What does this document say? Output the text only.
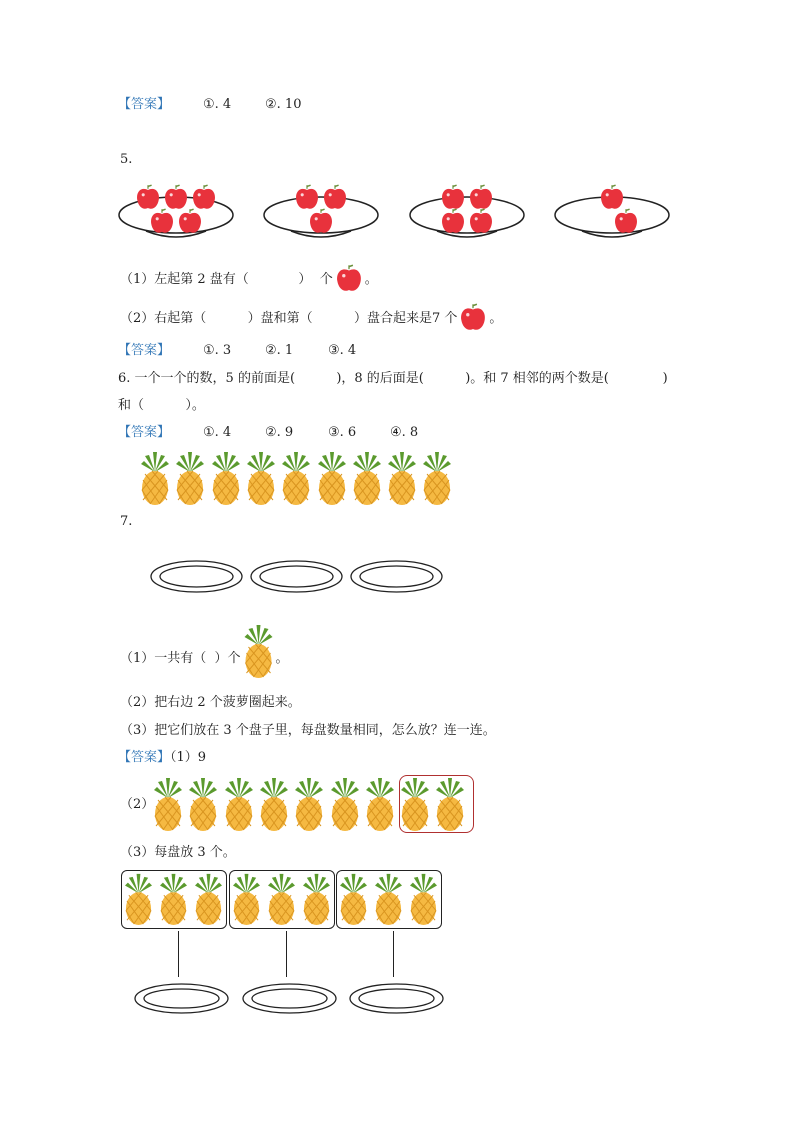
【答案】	①. 4	②. 10
5.
（1）左起第 2 盘有（	） 个 。
（2）右起第（	）盘和第（	）盘合起来是7 个 。
【答案】	①. 3	②. 1	③. 4
6. 一个一个的数，5 的前面是(          )，8 的后面是(          )。和 7 相邻的两个数是(             )
和（          ）。
【答案】	①. 4	②. 9	③. 6	④. 8
7.
（1）一共有（  ）个	。
（2）把右边 2 个菠萝圈起来。
（3）把它们放在 3 个盘子里，每盘数量相同，怎么放？连一连。
【答案】（1）9
（2）
（3）每盘放 3 个。
